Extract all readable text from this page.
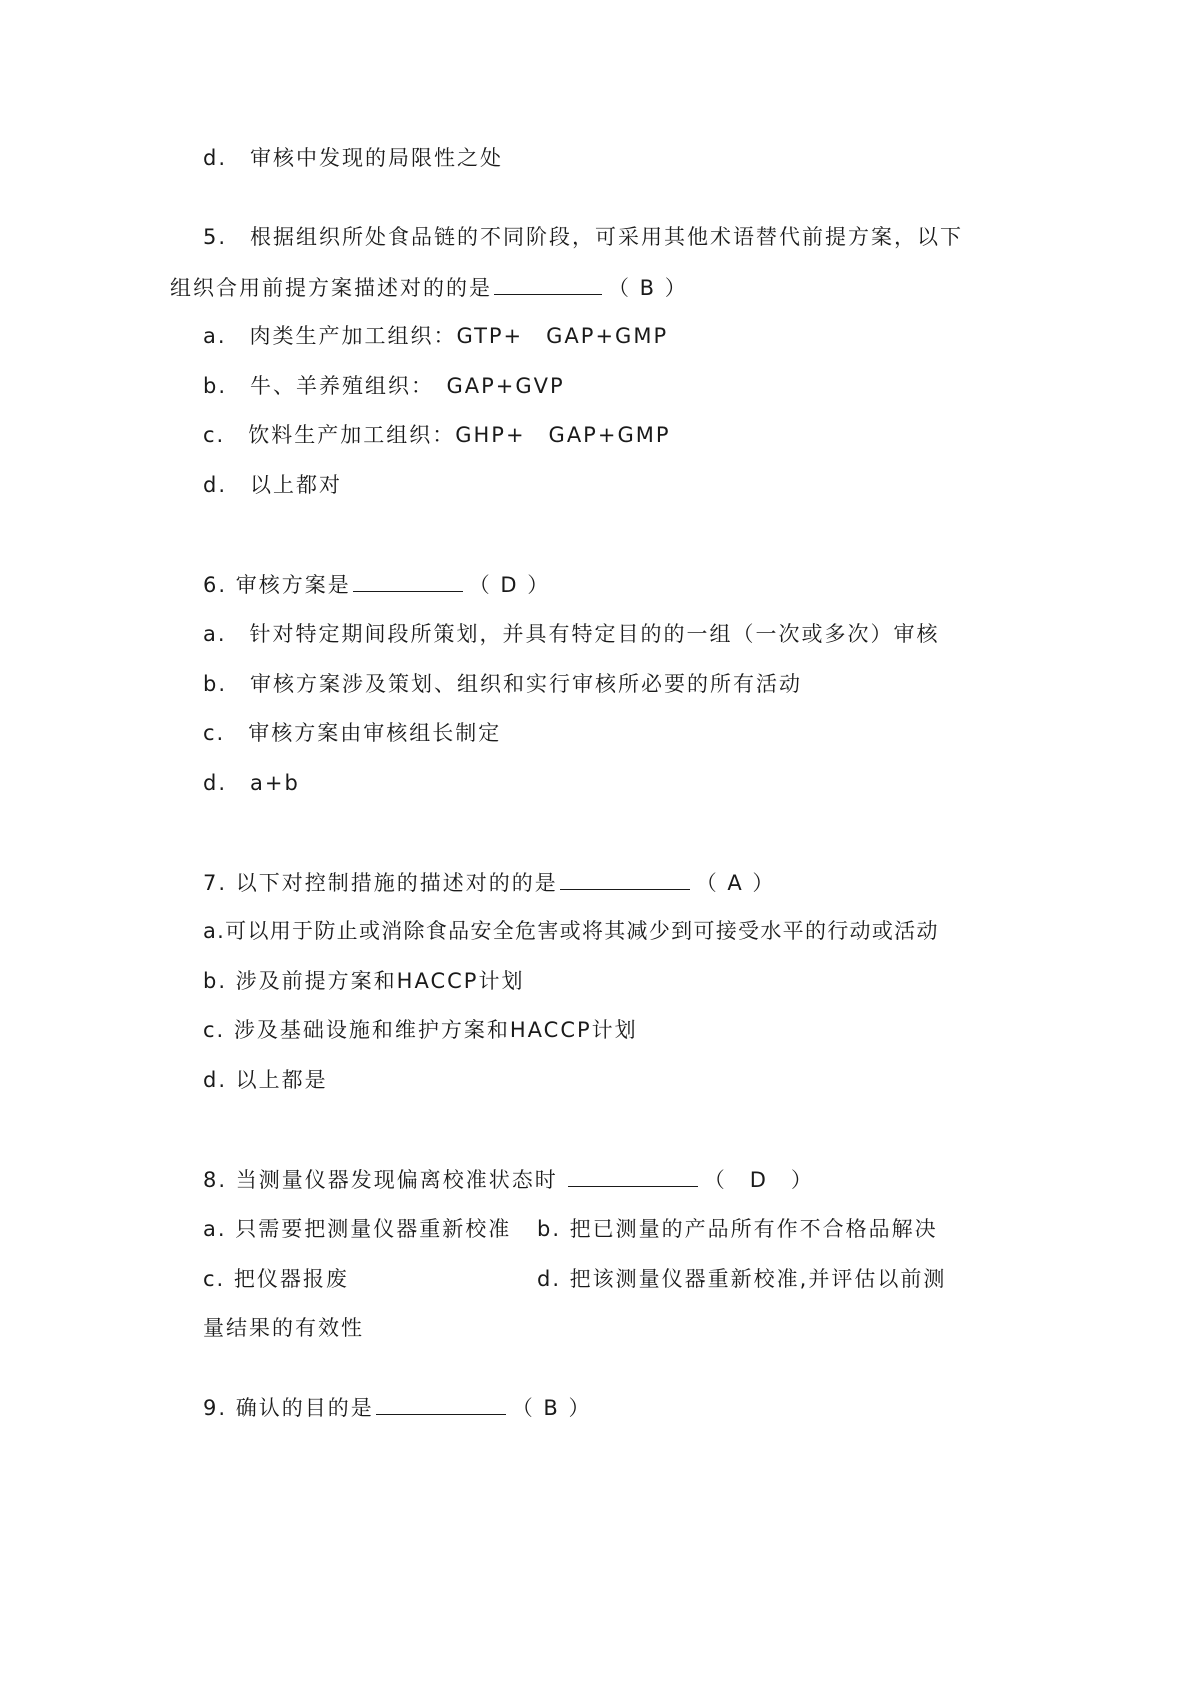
d.　审核中发现的局限性之处
5.　根据组织所处食品链的不同阶段，可采用其他术语替代前提方案，以下
组织合用前提方案描述对的的是	（ B ）
a.　肉类生产加工组织：GTP+　GAP+GMP
b.　牛、羊养殖组织：　GAP+GVP
c.　饮料生产加工组织：GHP+　GAP+GMP
d.　以上都对
6. 审核方案是	（ D ）
a.　针对特定期间段所策划，并具有特定目的的一组（一次或多次）审核
b.　审核方案涉及策划、组织和实行审核所必要的所有活动
c.　审核方案由审核组长制定
d.　a+b
7. 以下对控制措施的描述对的的是	（ A ）
a.可以用于防止或消除食品安全危害或将其减少到可接受水平的行动或活动
b. 涉及前提方案和HACCP计划
c. 涉及基础设施和维护方案和HACCP计划
d. 以上都是
8. 当测量仪器发现偏离校准状态时	（　D　）
a. 只需要把测量仪器重新校准 b. 把已测量的产品所有作不合格品解决
c. 把仪器报废	d. 把该测量仪器重新校准,并评估以前测
量结果的有效性
9. 确认的目的是	（ B ）
